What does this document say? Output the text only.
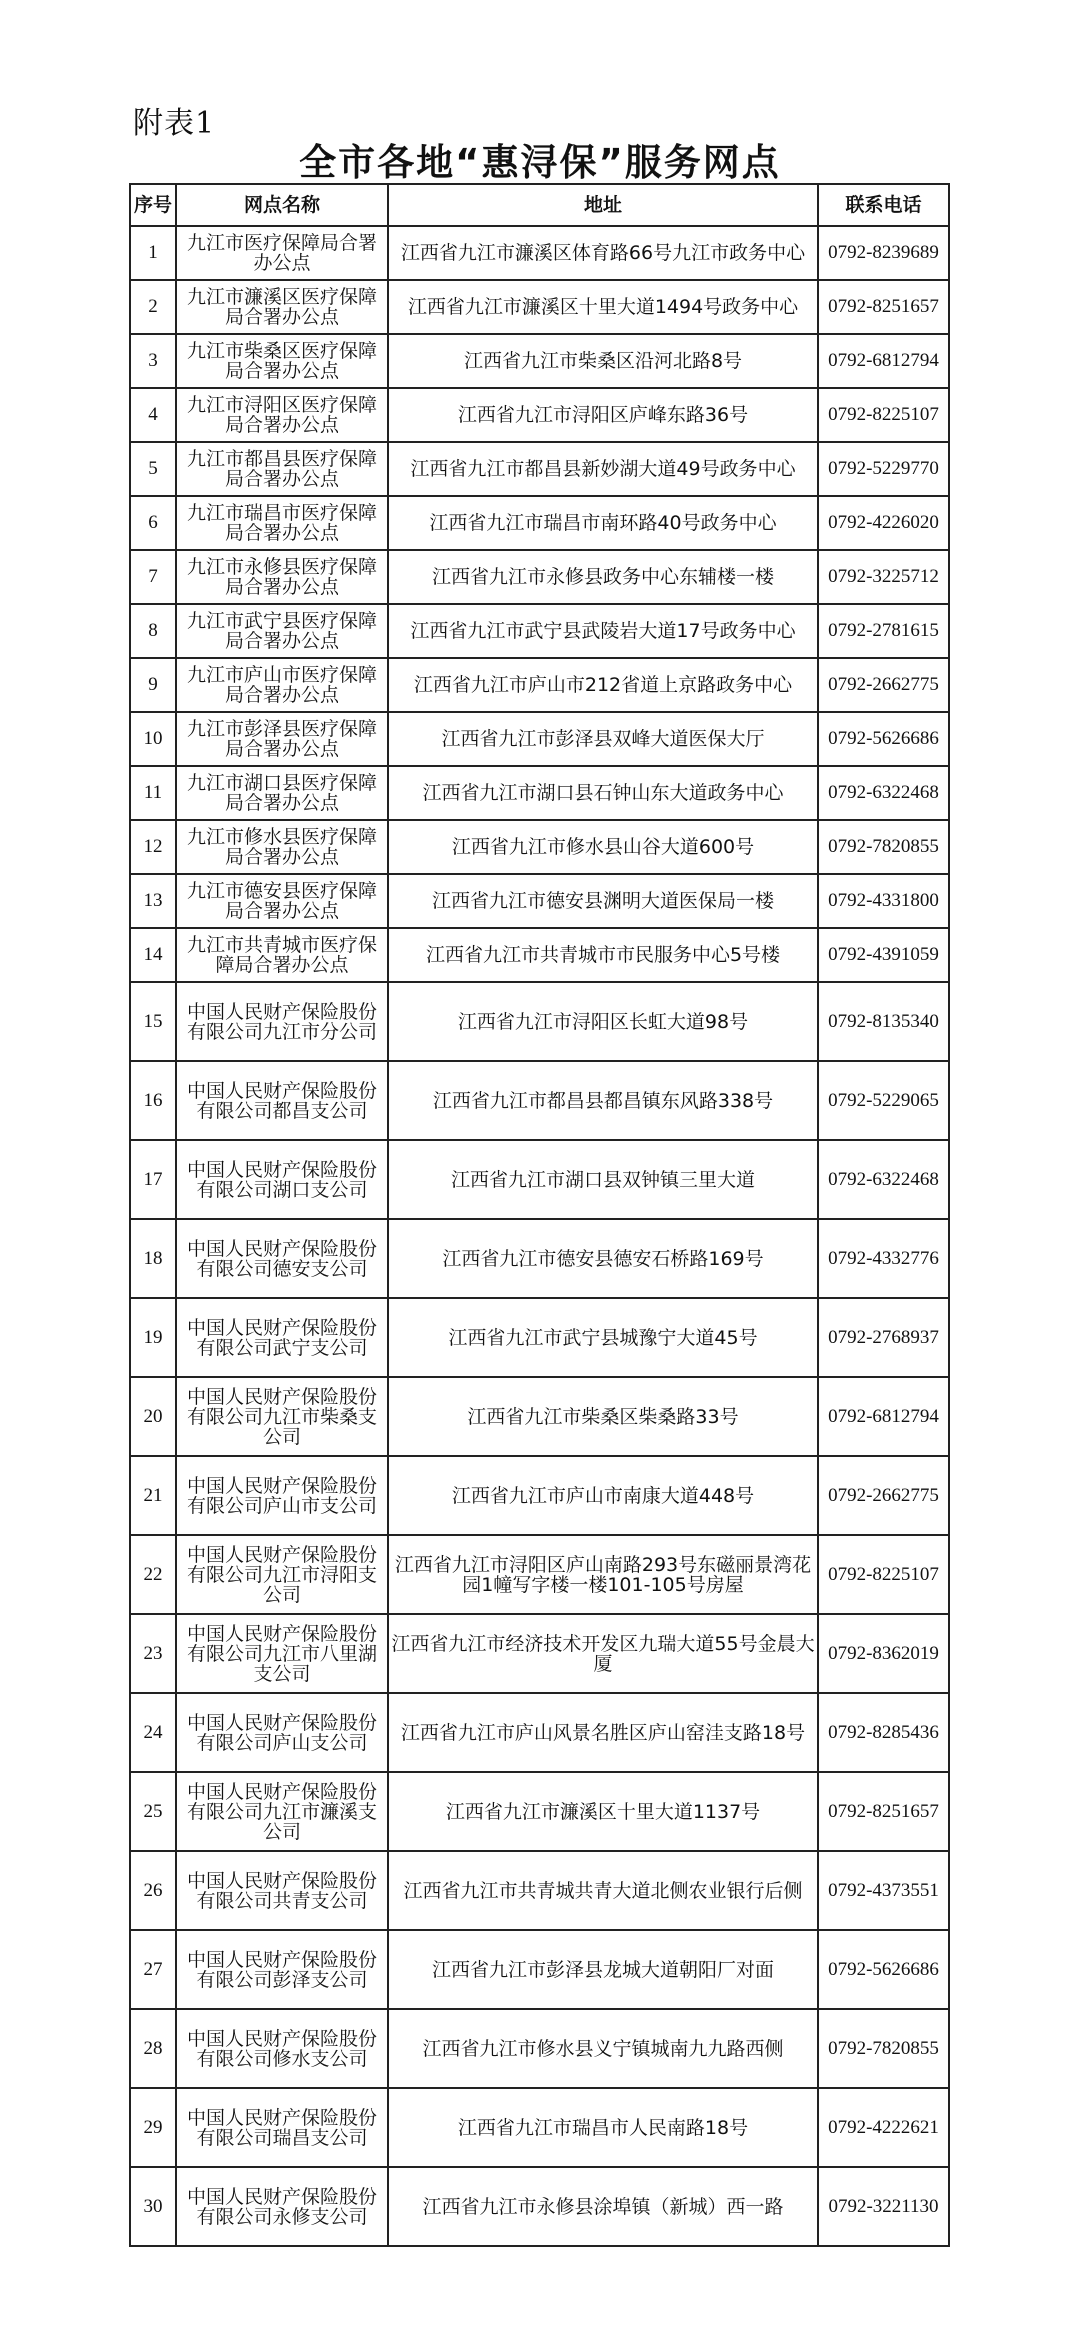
附表1
全市各地“惠浔保”服务网点
序号	网点名称	地址	联系电话
1	九江市医疗保障局合署办公点	江西省九江市濂溪区体育路66号九江市政务中心	0792-8239689
2	九江市濂溪区医疗保障局合署办公点	江西省九江市濂溪区十里大道1494号政务中心	0792-8251657
3	九江市柴桑区医疗保障局合署办公点	江西省九江市柴桑区沿河北路8号	0792-6812794
4	九江市浔阳区医疗保障局合署办公点	江西省九江市浔阳区庐峰东路36号	0792-8225107
5	九江市都昌县医疗保障局合署办公点	江西省九江市都昌县新妙湖大道49号政务中心	0792-5229770
6	九江市瑞昌市医疗保障局合署办公点	江西省九江市瑞昌市南环路40号政务中心	0792-4226020
7	九江市永修县医疗保障局合署办公点	江西省九江市永修县政务中心东辅楼一楼	0792-3225712
8	九江市武宁县医疗保障局合署办公点	江西省九江市武宁县武陵岩大道17号政务中心	0792-2781615
9	九江市庐山市医疗保障局合署办公点	江西省九江市庐山市212省道上京路政务中心	0792-2662775
10	九江市彭泽县医疗保障局合署办公点	江西省九江市彭泽县双峰大道医保大厅	0792-5626686
11	九江市湖口县医疗保障局合署办公点	江西省九江市湖口县石钟山东大道政务中心	0792-6322468
12	九江市修水县医疗保障局合署办公点	江西省九江市修水县山谷大道600号	0792-7820855
13	九江市德安县医疗保障局合署办公点	江西省九江市德安县渊明大道医保局一楼	0792-4331800
14	九江市共青城市医疗保障局合署办公点	江西省九江市共青城市市民服务中心5号楼	0792-4391059
15	中国人民财产保险股份有限公司九江市分公司	江西省九江市浔阳区长虹大道98号	0792-8135340
16	中国人民财产保险股份有限公司都昌支公司	江西省九江市都昌县都昌镇东风路338号	0792-5229065
17	中国人民财产保险股份有限公司湖口支公司	江西省九江市湖口县双钟镇三里大道	0792-6322468
18	中国人民财产保险股份有限公司德安支公司	江西省九江市德安县德安石桥路169号	0792-4332776
19	中国人民财产保险股份有限公司武宁支公司	江西省九江市武宁县城豫宁大道45号	0792-2768937
20	中国人民财产保险股份有限公司九江市柴桑支公司	江西省九江市柴桑区柴桑路33号	0792-6812794
21	中国人民财产保险股份有限公司庐山市支公司	江西省九江市庐山市南康大道448号	0792-2662775
22	中国人民财产保险股份有限公司九江市浔阳支公司	江西省九江市浔阳区庐山南路293号东磁丽景湾花园1幢写字楼一楼101-105号房屋	0792-8225107
23	中国人民财产保险股份有限公司九江市八里湖支公司	江西省九江市经济技术开发区九瑞大道55号金晨大厦	0792-8362019
24	中国人民财产保险股份有限公司庐山支公司	江西省九江市庐山风景名胜区庐山窑洼支路18号	0792-8285436
25	中国人民财产保险股份有限公司九江市濂溪支公司	江西省九江市濂溪区十里大道1137号	0792-8251657
26	中国人民财产保险股份有限公司共青支公司	江西省九江市共青城共青大道北侧农业银行后侧	0792-4373551
27	中国人民财产保险股份有限公司彭泽支公司	江西省九江市彭泽县龙城大道朝阳厂对面	0792-5626686
28	中国人民财产保险股份有限公司修水支公司	江西省九江市修水县义宁镇城南九九路西侧	0792-7820855
29	中国人民财产保险股份有限公司瑞昌支公司	江西省九江市瑞昌市人民南路18号	0792-4222621
30	中国人民财产保险股份有限公司永修支公司	江西省九江市永修县涂埠镇（新城）西一路	0792-3221130
